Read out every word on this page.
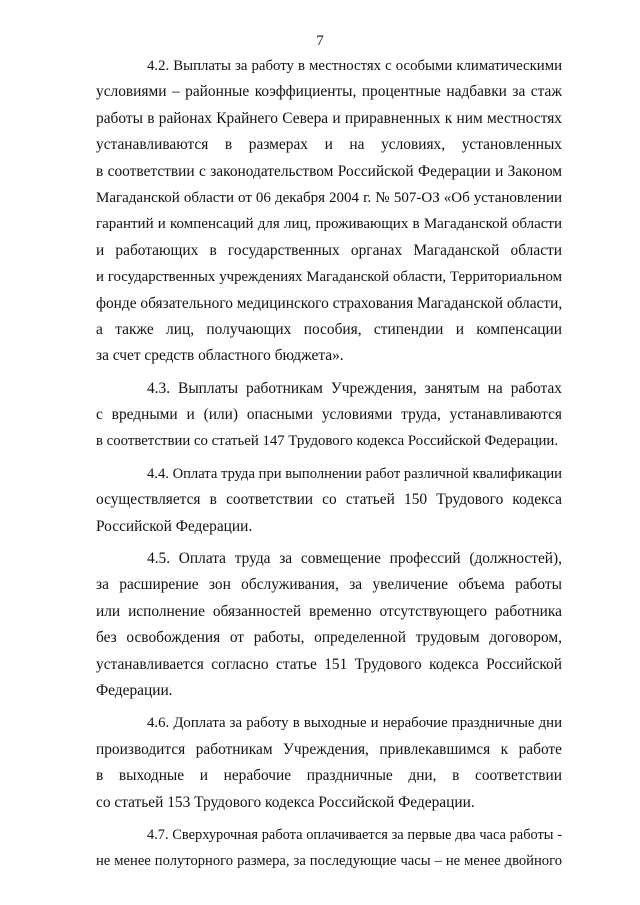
7
4.2. Выплаты за работу в местностях с особыми климатическими
условиями – районные коэффициенты, процентные надбавки за стаж
работы в районах Крайнего Севера и приравненных к ним местностях
устанавливаются в размерах и на условиях, установленных
в соответствии с законодательством Российской Федерации и Законом
Магаданской области от 06 декабря 2004 г. № 507-ОЗ «Об установлении
гарантий и компенсаций для лиц, проживающих в Магаданской области
и работающих в государственных органах Магаданской области
и государственных учреждениях Магаданской области, Территориальном
фонде обязательного медицинского страхования Магаданской области,
а также лиц, получающих пособия, стипендии и компенсации
за счет средств областного бюджета».
4.3. Выплаты работникам Учреждения, занятым на работах
с вредными и (или) опасными условиями труда, устанавливаются
в соответствии со статьей 147 Трудового кодекса Российской Федерации.
4.4. Оплата труда при выполнении работ различной квалификации
осуществляется в соответствии со статьей 150 Трудового кодекса
Российской Федерации.
4.5. Оплата труда за совмещение профессий (должностей),
за расширение зон обслуживания, за увеличение объема работы
или исполнение обязанностей временно отсутствующего работника
без освобождения от работы, определенной трудовым договором,
устанавливается согласно статье 151 Трудового кодекса Российской
Федерации.
4.6. Доплата за работу в выходные и нерабочие праздничные дни
производится работникам Учреждения, привлекавшимся к работе
в выходные и нерабочие праздничные дни, в соответствии
со статьей 153 Трудового кодекса Российской Федерации.
4.7. Сверхурочная работа оплачивается за первые два часа работы -
не менее полуторного размера, за последующие часы – не менее двойного
